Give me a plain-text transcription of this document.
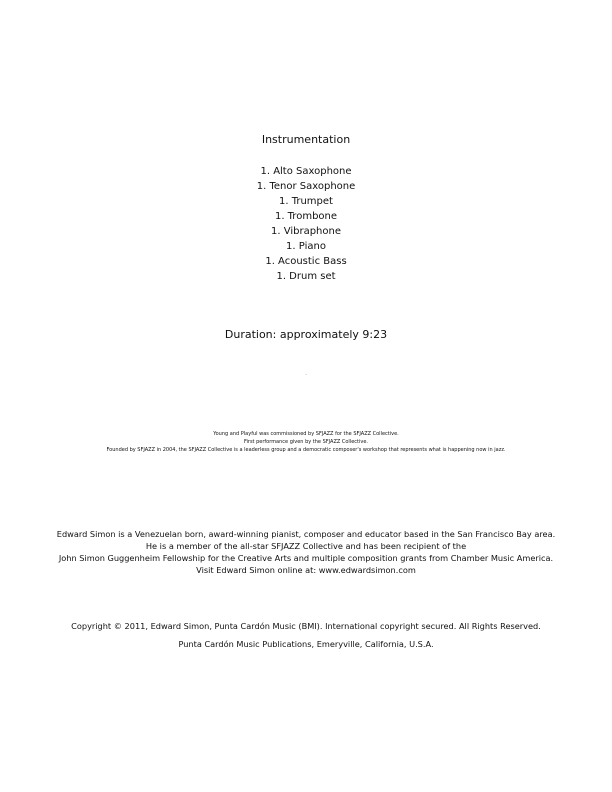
Instrumentation
1. Alto Saxophone
1. Tenor Saxophone
1. Trumpet
1. Trombone
1. Vibraphone
1. Piano
1. Acoustic Bass
1. Drum set
Duration: approximately 9:23
.
Young and Playful was commissioned by SFJAZZ for the SFJAZZ Collective.
First performance given by the SFJAZZ Collective.
Founded by SFJAZZ in 2004, the SFJAZZ Collective is a leaderless group and a democratic composer's workshop that represents what is happening now in jazz.
Edward Simon is a Venezuelan born, award-winning pianist, composer and educator based in the San Francisco Bay area.
He is a member of the all-star SFJAZZ Collective and has been recipient of the
John Simon Guggenheim Fellowship for the Creative Arts and multiple composition grants from Chamber Music America.
Visit Edward Simon online at: www.edwardsimon.com
Copyright © 2011, Edward Simon, Punta Cardón Music (BMI). International copyright secured. All Rights Reserved.
Punta Cardón Music Publications, Emeryville, California, U.S.A.
